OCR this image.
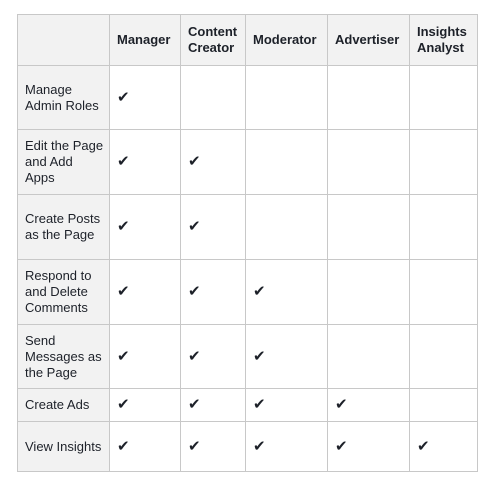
	Manager	Content Creator	Moderator	Advertiser	Insights Analyst

Manage Admin Roles	✔				

Edit the Page and Add Apps	✔	✔			

Create Posts as the Page	✔	✔			

Respond to and Delete Comments	✔	✔	✔		

Send Messages as the Page	✔	✔	✔		

Create Ads	✔	✔	✔	✔	

View Insights	✔	✔	✔	✔	✔
